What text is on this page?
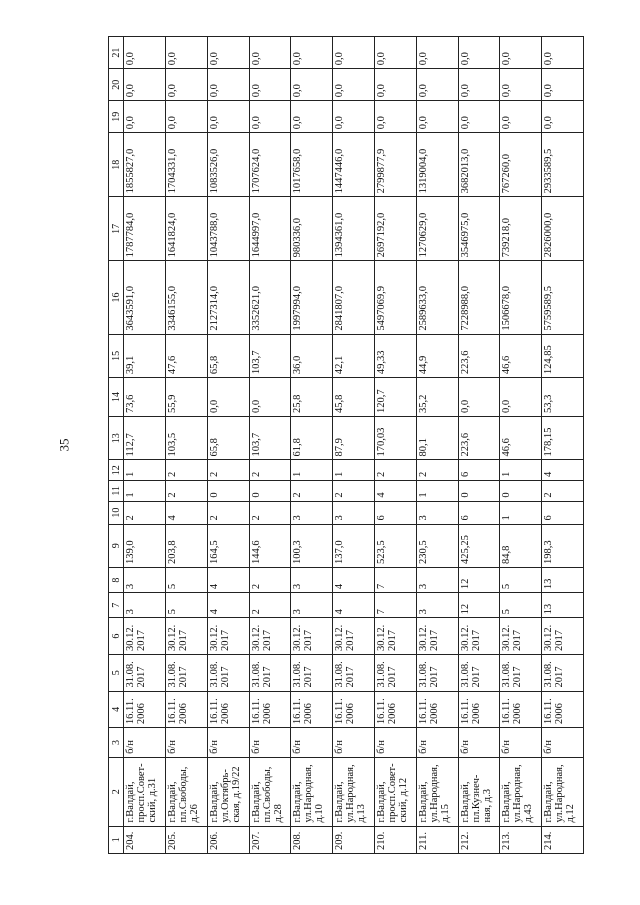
35
1	2	3	4	5	6	7	8	9	10	11	12	13	14	15	16	17	18	19	20	21
204.	г.Валдай, просп.Совет-ский, д.31	б/н	16.11. 2006	31.08. 2017	30.12. 2017	3	3	139,0	2	1	1	112,7	73,6	39,1	3643591,0	1787784,0	1855827,0	0,0	0,0	0,0
205.	г.Валдай, пл.Свободы, д.26	б/н	16.11. 2006	31.08. 2017	30.12. 2017	5	5	203,8	4	2	2	103,5	55,9	47,6	3346155,0	1641824,0	1704331,0	0,0	0,0	0,0
206.	г.Валдай, ул.Октябрь-ская, д.19/22	б/н	16.11. 2006	31.08. 2017	30.12. 2017	4	4	164,5	2	0	2	65,8	0,0	65,8	2127314,0	1043788,0	1083526,0	0,0	0,0	0,0
207.	г.Валдай, пл.Свободы, д.28	б/н	16.11. 2006	31.08. 2017	30.12. 2017	2	2	144,6	2	0	2	103,7	0,0	103,7	3352621,0	1644997,0	1707624,0	0,0	0,0	0,0
208.	г.Валдай, ул.Народная, д.10	б/н	16.11. 2006	31.08. 2017	30.12. 2017	3	3	100,3	3	2	1	61,8	25,8	36,0	1997994,0	980336,0	1017658,0	0,0	0,0	0,0
209.	г.Валдай, ул.Народная, д.13	б/н	16.11. 2006	31.08. 2017	30.12. 2017	4	4	137,0	3	2	1	87,9	45,8	42,1	2841807,0	1394361,0	1447446,0	0,0	0,0	0,0
210.	г.Валдай, просп.Совет-ский, д.12	б/н	16.11. 2006	31.08. 2017	30.12. 2017	7	7	523,5	6	4	2	170,03	120,7	49,33	5497069,9	2697192,0	2799877,9	0,0	0,0	0,0
211.	г.Валдай, ул.Народная, д.15	б/н	16.11. 2006	31.08. 2017	30.12. 2017	3	3	230,5	3	1	2	80,1	35,2	44,9	2589633,0	1270629,0	1319004,0	0,0	0,0	0,0
212.	г.Валдай, пл.Кузнеч-ная, д.3	б/н	16.11. 2006	31.08. 2017	30.12. 2017	12	12	425,25	6	0	6	223,6	0,0	223,6	7228988,0	3546975,0	3682013,0	0,0	0,0	0,0
213.	г.Валдай, ул.Народная, д.43	б/н	16.11. 2006	31.08. 2017	30.12. 2017	5	5	84,8	1	0	1	46,6	0,0	46,6	1506678,0	739218,0	767260,0	0,0	0,0	0,0
214.	г.Валдай, ул.Народная, д.12	б/н	16.11. 2006	31.08. 2017	30.12. 2017	13	13	198,3	6	2	4	178,15	53,3	124,85	5759589,5	2826000,0	2933589,5	0,0	0,0	0,0
